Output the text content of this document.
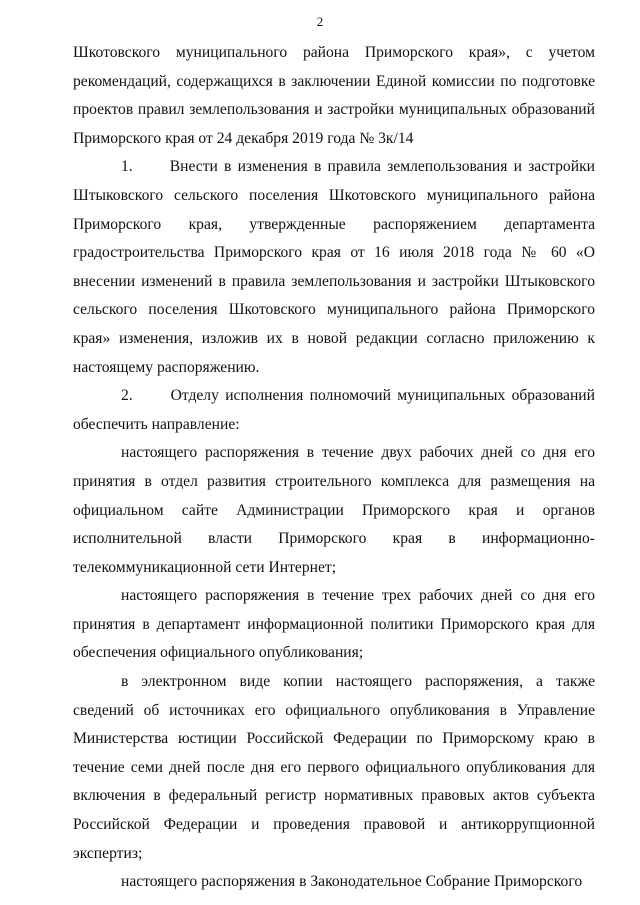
2

Шкотовского муниципального района Приморского края», с учетом рекомендаций, содержащихся в заключении Единой комиссии по подготовке проектов правил землепользования и застройки муниципальных образований Приморского края от 24 декабря 2019 года № 3к/14

1.      Внести в изменения в правила землепользования и застройки Штыковского сельского поселения Шкотовского муниципального района Приморского края, утвержденные распоряжением департамента градостроительства Приморского края от 16 июля 2018 года № 60 «О внесении изменений в правила землепользования и застройки Штыковского сельского поселения Шкотовского муниципального района Приморского края» изменения, изложив их в новой редакции согласно приложению к настоящему распоряжению.

2.      Отделу исполнения полномочий муниципальных образований обеспечить направление:

настоящего распоряжения в течение двух рабочих дней со дня его принятия в отдел развития строительного комплекса для размещения на официальном сайте Администрации Приморского края и органов исполнительной власти Приморского края в информационно-телекоммуникационной сети Интернет;

настоящего распоряжения в течение трех рабочих дней со дня его принятия в департамент информационной политики Приморского края для обеспечения официального опубликования;

в электронном виде копии настоящего распоряжения, а также сведений об источниках его официального опубликования в Управление Министерства юстиции Российской Федерации по Приморскому краю в течение семи дней после дня его первого официального опубликования для включения в федеральный регистр нормативных правовых актов субъекта Российской Федерации и проведения правовой и антикоррупционной экспертиз;

настоящего распоряжения в Законодательное Собрание Приморского
